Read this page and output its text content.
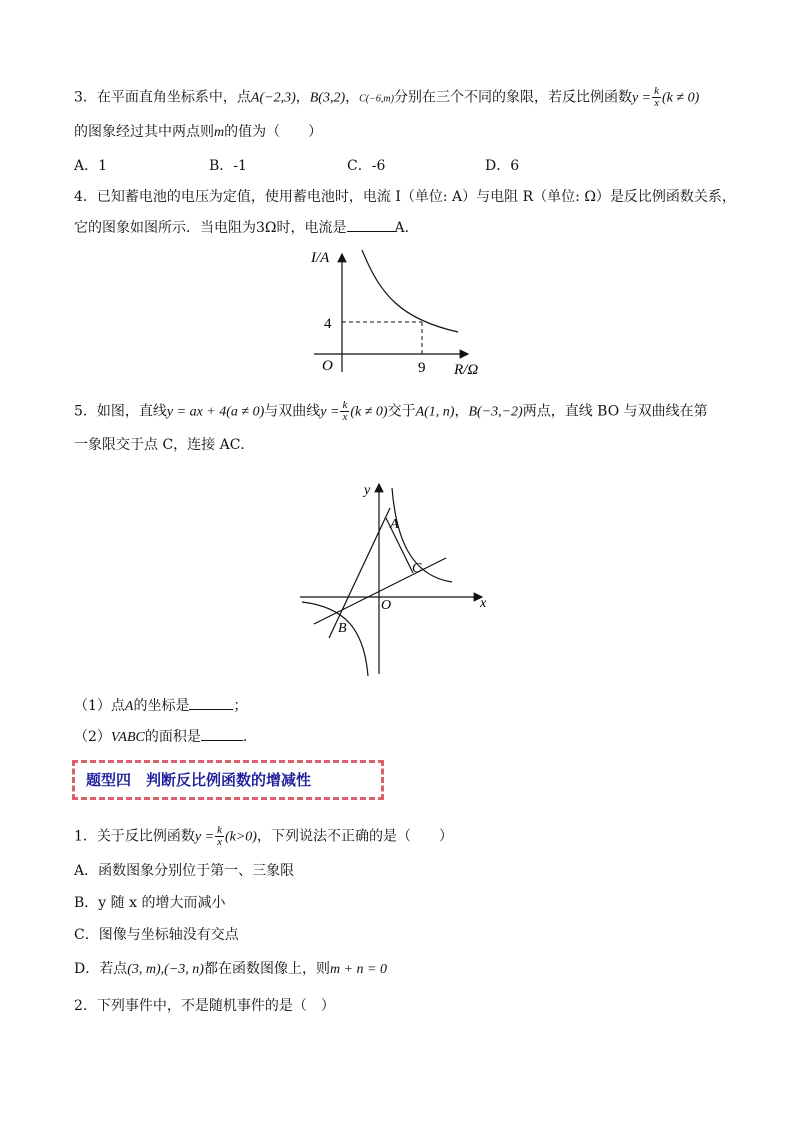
3．在平面直角坐标系中，点A(−2,3)，B(3,2)，C(−6,m)分别在三个不同的象限，若反比例函数$y = \frac{k}{x} (k \ne 0)$
的图象经过其中两点则m的值为（　　）
A．1	B．-1	C．-6	D．6
4．已知蓄电池的电压为定值，使用蓄电池时，电流 I（单位: A）与电阻 R（单位: Ω）是反比例函数关系，
它的图象如图所示．当电阻为3Ω时，电流是	A．
I/A
R/Ω
O
4
9
5．如图，直线y = ax + 4(a ≠ 0)与双曲线$y = \frac{k}{x} (k \ne 0)$交于A(1, n)，B(−3,−2)两点，直线 BO 与双曲线在第
一象限交于点 C，连接 AC．
y
x
O
A
B
C
（1）点A的坐标是	；
（2）VABC的面积是	．
题型四　判断反比例函数的增减性
1．关于反比例函数$y = \frac{k}{x} (k>0)$，下列说法不正确的是（　　）
A．函数图象分别位于第一、三象限
B．y 随 x 的增大而减小
C．图像与坐标轴没有交点
D．若点(3, m),(−3, n)都在函数图像上，则m + n = 0
2．下列事件中，不是随机事件的是（　）
